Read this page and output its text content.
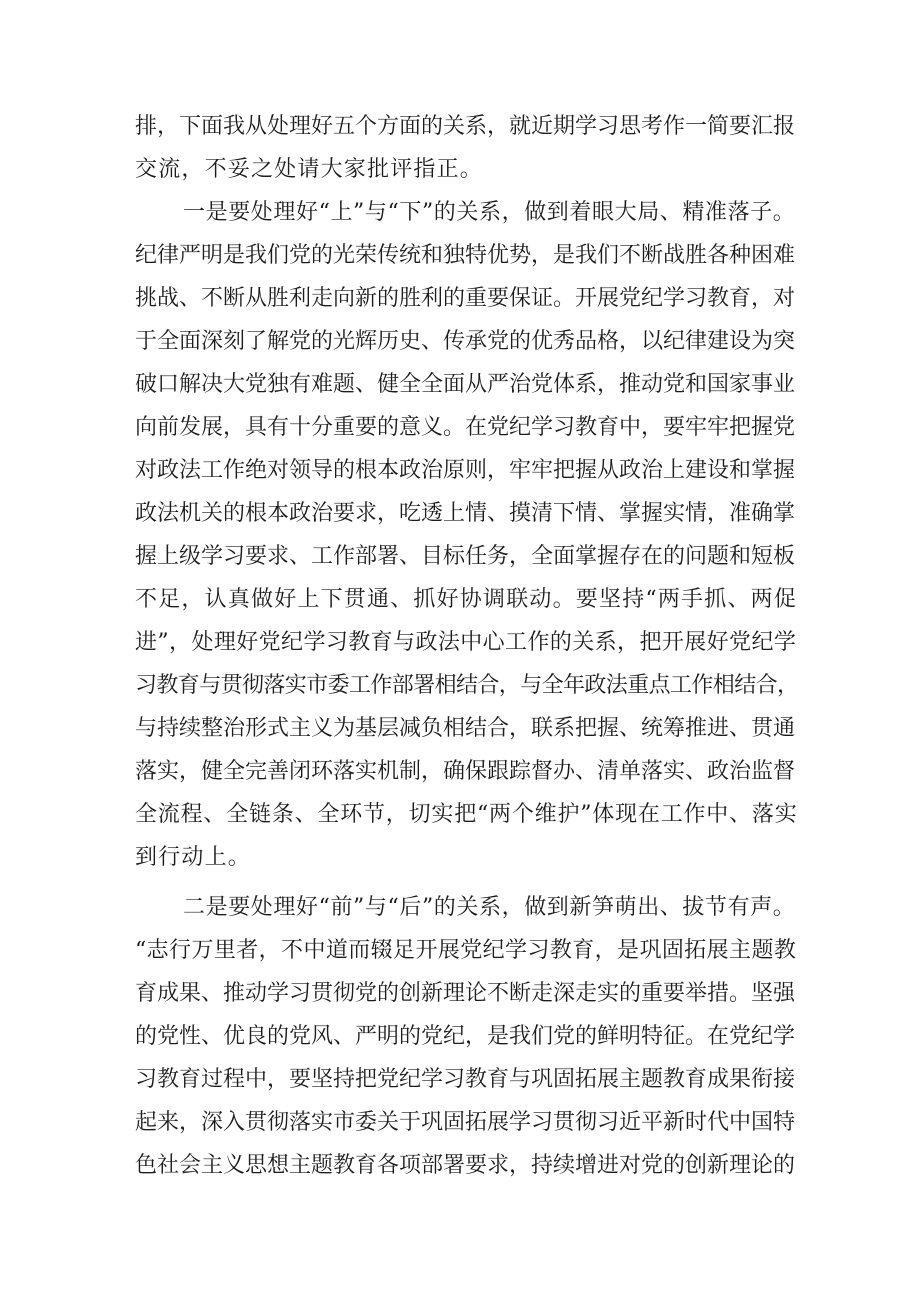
排，下面我从处理好五个方面的关系，就近期学习思考作一简要汇报
交流，不妥之处请大家批评指正。
一是要处理好“上”与“下”的关系，做到着眼大局、精准落子。
纪律严明是我们党的光荣传统和独特优势，是我们不断战胜各种困难
挑战、不断从胜利走向新的胜利的重要保证。开展党纪学习教育，对
于全面深刻了解党的光辉历史、传承党的优秀品格，以纪律建设为突
破口解决大党独有难题、健全全面从严治党体系，推动党和国家事业
向前发展，具有十分重要的意义。在党纪学习教育中，要牢牢把握党
对政法工作绝对领导的根本政治原则，牢牢把握从政治上建设和掌握
政法机关的根本政治要求，吃透上情、摸清下情、掌握实情，准确掌
握上级学习要求、工作部署、目标任务，全面掌握存在的问题和短板
不足，认真做好上下贯通、抓好协调联动。要坚持“两手抓、两促
进”，处理好党纪学习教育与政法中心工作的关系，把开展好党纪学
习教育与贯彻落实市委工作部署相结合，与全年政法重点工作相结合，
与持续整治形式主义为基层减负相结合，联系把握、统筹推进、贯通
落实，健全完善闭环落实机制，确保跟踪督办、清单落实、政治监督
全流程、全链条、全环节，切实把“两个维护”体现在工作中、落实
到行动上。
二是要处理好“前”与“后”的关系，做到新笋萌出、拔节有声。
“志行万里者，不中道而辍足开展党纪学习教育，是巩固拓展主题教
育成果、推动学习贯彻党的创新理论不断走深走实的重要举措。坚强
的党性、优良的党风、严明的党纪，是我们党的鲜明特征。在党纪学
习教育过程中，要坚持把党纪学习教育与巩固拓展主题教育成果衔接
起来，深入贯彻落实市委关于巩固拓展学习贯彻习近平新时代中国特
色社会主义思想主题教育各项部署要求，持续增进对党的创新理论的
